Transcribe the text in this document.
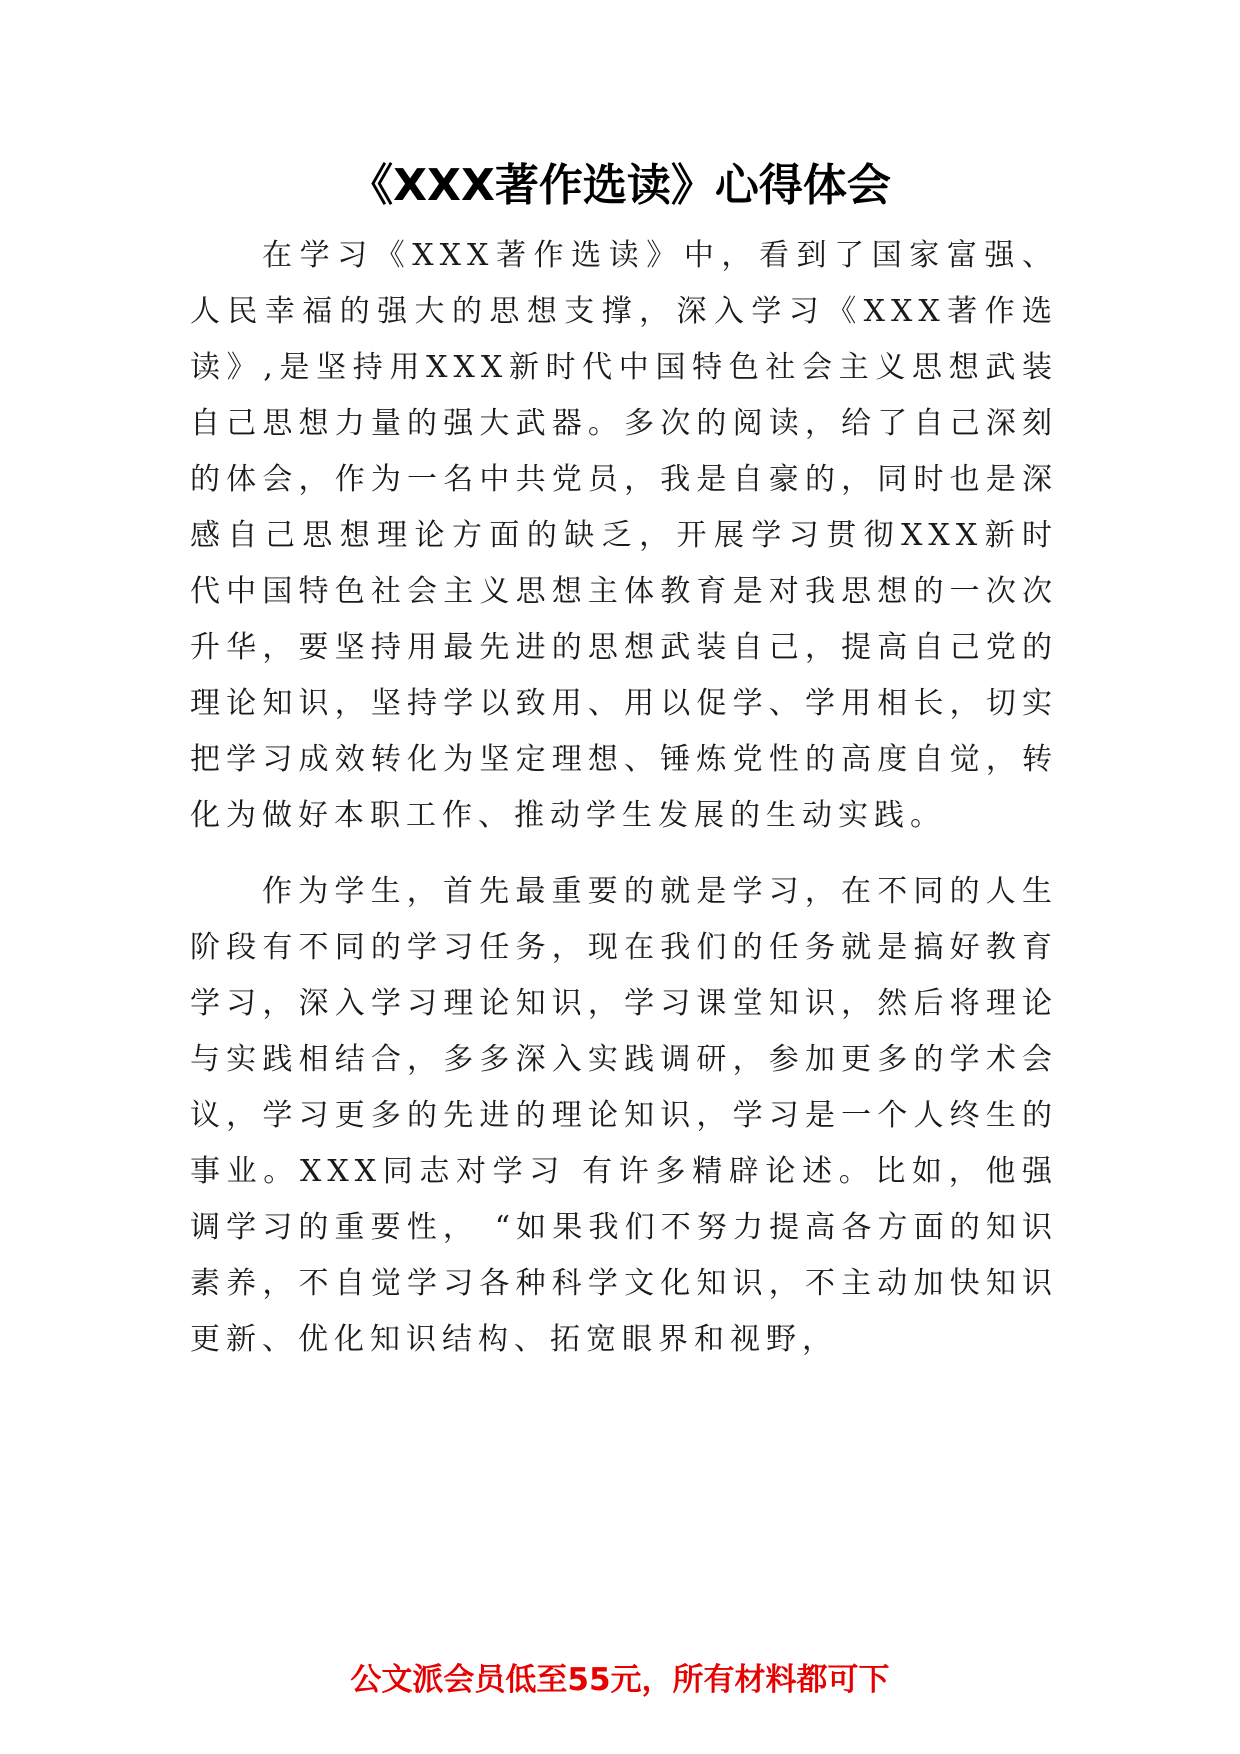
《XXX著作选读》心得体会

在学习《XXX著作选读》中，看到了国家富强、人民幸福的强大的思想支撑，深入学习《XXX著作选读》,是坚持用XXX新时代中国特色社会主义思想武装自己思想力量的强大武器。多次的阅读，给了自己深刻的体会，作为一名中共党员，我是自豪的，同时也是深感自己思想理论方面的缺乏，开展学习贯彻XXX新时代中国特色社会主义思想主体教育是对我思想的一次次升华，要坚持用最先进的思想武装自己，提高自己党的理论知识，坚持学以致用、用以促学、学用相长，切实把学习成效转化为坚定理想、锤炼党性的高度自觉，转化为做好本职工作、推动学生发展的生动实践。

作为学生，首先最重要的就是学习，在不同的人生阶段有不同的学习任务，现在我们的任务就是搞好教育学习，深入学习理论知识，学习课堂知识，然后将理论与实践相结合，多多深入实践调研，参加更多的学术会议，学习更多的先进的理论知识，学习是一个人终生的事业。XXX同志对学习 有许多精辟论述。比如，他强调学习的重要性， “如果我们不努力提高各方面的知识素养，不自觉学习各种科学文化知识，不主动加快知识更新、优化知识结构、拓宽眼界和视野，

公文派会员低至55元，所有材料都可下
